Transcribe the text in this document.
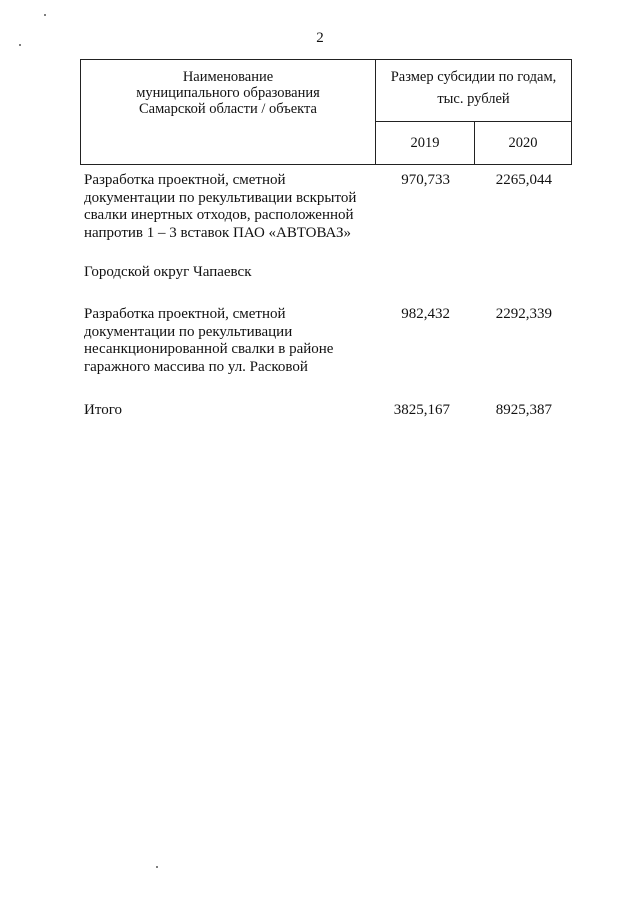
2
Наименование
муниципального образования
Самарской области / объекта
Размер субсидии по годам,
тыс. рублей
2019	2020
Разработка проектной, сметной
документации по рекультивации вскрытой
свалки инертных отходов, расположенной
напротив 1 – 3 вставок ПАО «АВТОВАЗ»
970,733	2265,044
Городской округ Чапаевск
Разработка проектной, сметной
документации по рекультивации
несанкционированной свалки в районе
гаражного массива по ул. Расковой
982,432	2292,339
Итого	3825,167	8925,387
